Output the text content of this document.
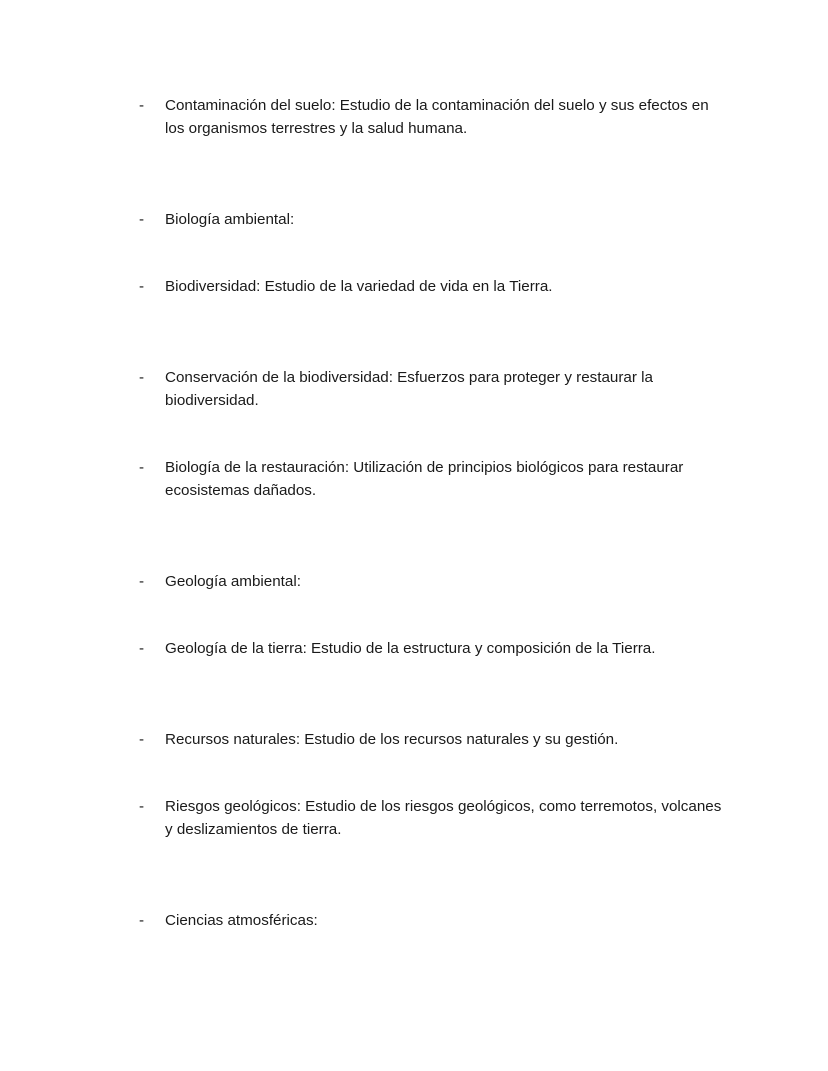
-	Contaminación del suelo: Estudio de la contaminación del suelo y sus efectos en los organismos terrestres y la salud humana.
-	Biología ambiental:
-	Biodiversidad: Estudio de la variedad de vida en la Tierra.
-	Conservación de la biodiversidad: Esfuerzos para proteger y restaurar la biodiversidad.
-	Biología de la restauración: Utilización de principios biológicos para restaurar ecosistemas dañados.
-	Geología ambiental:
-	Geología de la tierra: Estudio de la estructura y composición de la Tierra.
-	Recursos naturales: Estudio de los recursos naturales y su gestión.
-	Riesgos geológicos: Estudio de los riesgos geológicos, como terremotos, volcanes y deslizamientos de tierra.
-	Ciencias atmosféricas:
